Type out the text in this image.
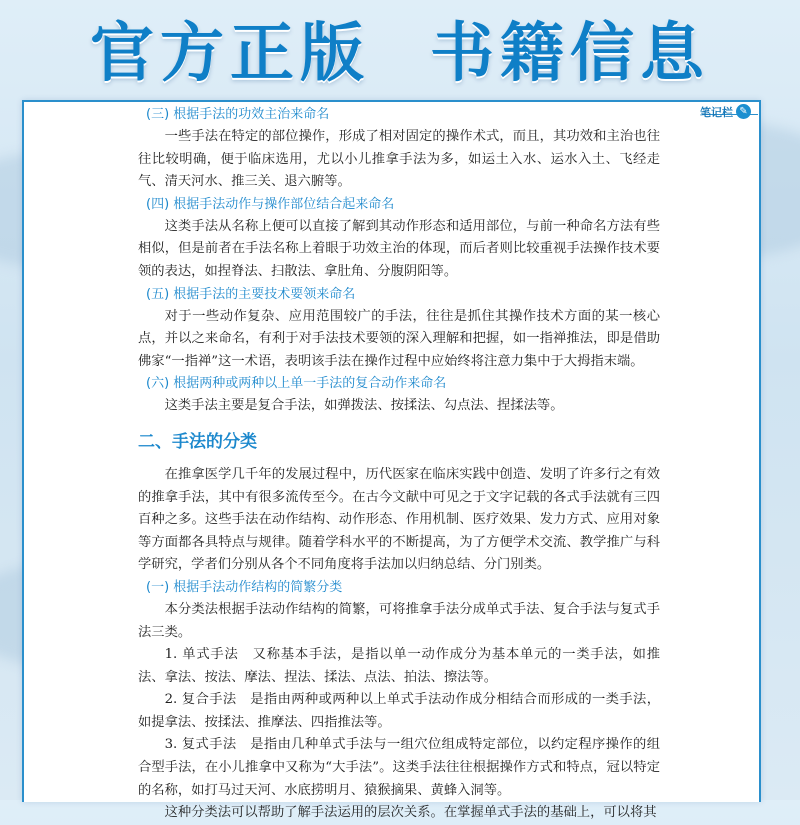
官方正版 书籍信息
笔记栏 ✎
(三) 根据手法的功效主治来命名

一些手法在特定的部位操作，形成了相对固定的操作术式，而且，其功效和主治也往往比较明确，便于临床选用，尤以小儿推拿手法为多，如运土入水、运水入土、飞经走气、清天河水、推三关、退六腑等。

(四) 根据手法动作与操作部位结合起来命名

这类手法从名称上便可以直接了解到其动作形态和适用部位，与前一种命名方法有些相似，但是前者在手法名称上着眼于功效主治的体现，而后者则比较重视手法操作技术要领的表达，如捏脊法、扫散法、拿肚角、分腹阴阳等。

(五) 根据手法的主要技术要领来命名

对于一些动作复杂、应用范围较广的手法，往往是抓住其操作技术方面的某一核心点，并以之来命名，有利于对手法技术要领的深入理解和把握，如一指禅推法，即是借助佛家“一指禅”这一术语，表明该手法在操作过程中应始终将注意力集中于大拇指末端。

(六) 根据两种或两种以上单一手法的复合动作来命名

这类手法主要是复合手法，如弹拨法、按揉法、勾点法、捏揉法等。

二、手法的分类

在推拿医学几千年的发展过程中，历代医家在临床实践中创造、发明了许多行之有效的推拿手法，其中有很多流传至今。在古今文献中可见之于文字记载的各式手法就有三四百种之多。这些手法在动作结构、动作形态、作用机制、医疗效果、发力方式、应用对象等方面都各具特点与规律。随着学科水平的不断提高，为了方便学术交流、教学推广与科学研究，学者们分别从各个不同角度将手法加以归纳总结、分门别类。

(一) 根据手法动作结构的简繁分类

本分类法根据手法动作结构的简繁，可将推拿手法分成单式手法、复合手法与复式手法三类。

1. 单式手法　又称基本手法，是指以单一动作成分为基本单元的一类手法，如推法、拿法、按法、摩法、捏法、揉法、点法、拍法、擦法等。

2. 复合手法　是指由两种或两种以上单式手法动作成分相结合而形成的一类手法，如提拿法、按揉法、推摩法、四指推法等。

3. 复式手法　是指由几种单式手法与一组穴位组成特定部位，以约定程序操作的组合型手法，在小儿推拿中又称为“大手法”。这类手法往往根据操作方式和特点，冠以特定的名称，如打马过天河、水底捞明月、猿猴摘果、黄蜂入洞等。

这种分类法可以帮助了解手法运用的层次关系。在掌握单式手法的基础上，可以将其
